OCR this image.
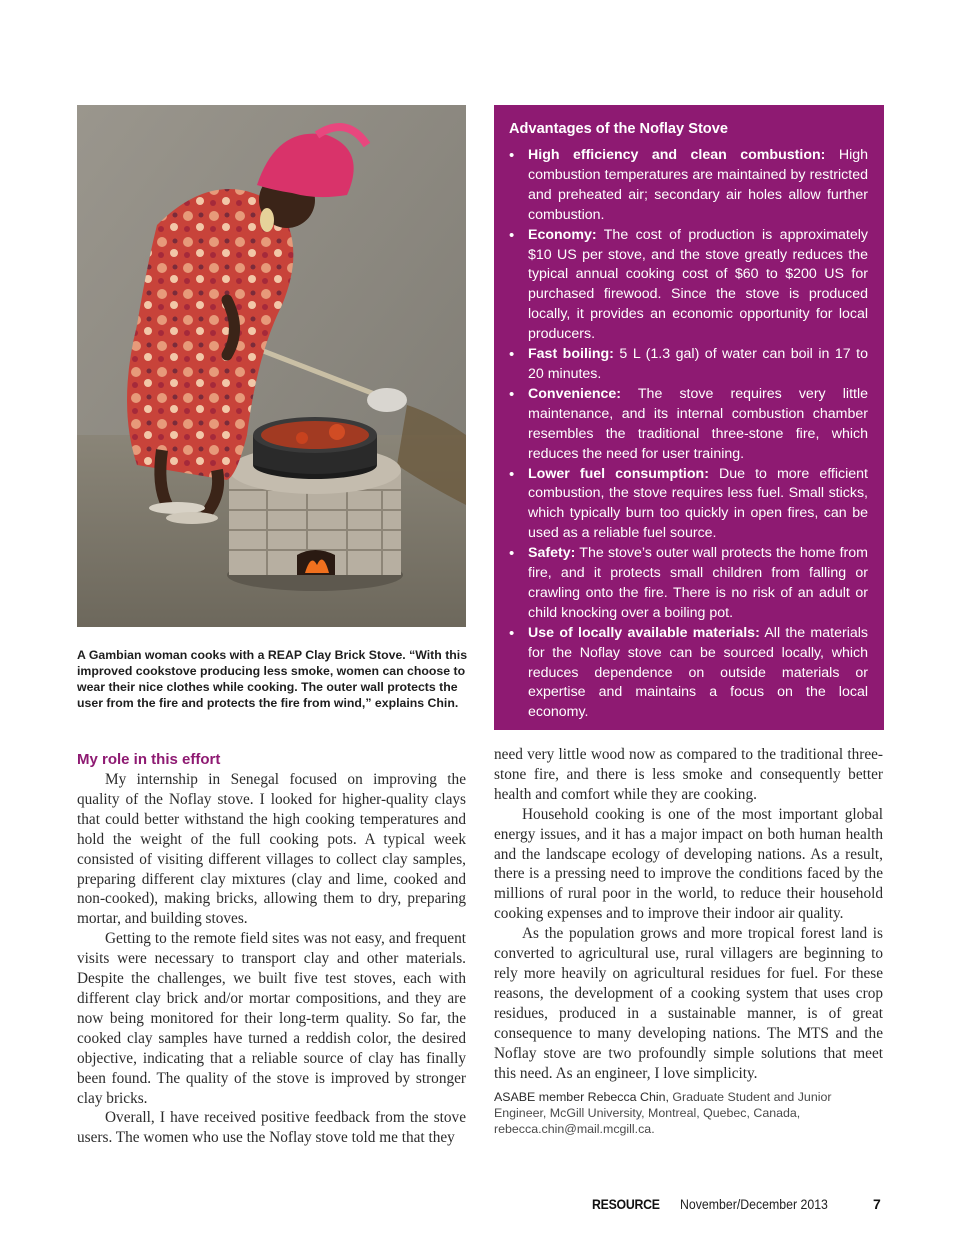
A Gambian woman cooks with a REAP Clay Brick Stove. “With this improved cookstove producing less smoke, women can choose to wear their nice clothes while cooking. The outer wall protects the user from the fire and protects the fire from wind,” explains Chin.
Advantages of the Noflay Stove
• High efficiency and clean combustion: High combustion temperatures are maintained by restricted and preheated air; secondary air holes allow further combustion.
• Economy: The cost of production is approximately $10 US per stove, and the stove greatly reduces the typical annual cooking cost of $60 to $200 US for purchased firewood. Since the stove is produced locally, it provides an economic opportunity for local producers.
• Fast boiling: 5 L (1.3 gal) of water can boil in 17 to 20 minutes.
• Convenience: The stove requires very little maintenance, and its internal combustion chamber resembles the traditional three-stone fire, which reduces the need for user training.
• Lower fuel consumption: Due to more efficient combustion, the stove requires less fuel. Small sticks, which typically burn too quickly in open fires, can be used as a reliable fuel source.
• Safety: The stove’s outer wall protects the home from fire, and it protects small children from falling or crawling onto the fire. There is no risk of an adult or child knocking over a boiling pot.
• Use of locally available materials: All the materials for the Noflay stove can be sourced locally, which reduces dependence on outside materials or expertise and maintains a focus on the local economy.
My role in this effort

My internship in Senegal focused on improving the quality of the Noflay stove. I looked for higher-quality clays that could better withstand the high cooking temperatures and hold the weight of the full cooking pots. A typical week consisted of visiting different villages to collect clay samples, preparing different clay mixtures (clay and lime, cooked and non-cooked), making bricks, allowing them to dry, preparing mortar, and building stoves.

Getting to the remote field sites was not easy, and frequent visits were necessary to transport clay and other materials. Despite the challenges, we built five test stoves, each with different clay brick and/or mortar compositions, and they are now being monitored for their long-term quality. So far, the cooked clay samples have turned a reddish color, the desired objective, indicating that a reliable source of clay has finally been found. The quality of the stove is improved by stronger clay bricks.

Overall, I have received positive feedback from the stove users. The women who use the Noflay stove told me that they

need very little wood now as compared to the traditional three-stone fire, and there is less smoke and consequently better health and comfort while they are cooking.

Household cooking is one of the most important global energy issues, and it has a major impact on both human health and the landscape ecology of developing nations. As a result, there is a pressing need to improve the conditions faced by the millions of rural poor in the world, to reduce their household cooking expenses and to improve their indoor air quality.

As the population grows and more tropical forest land is converted to agricultural use, rural villagers are beginning to rely more heavily on agricultural residues for fuel. For these reasons, the development of a cooking system that uses crop residues, produced in a sustainable manner, is of great consequence to many developing nations. The MTS and the Noflay stove are two profoundly simple solutions that meet this need. As an engineer, I love simplicity.

ASABE member Rebecca Chin, Graduate Student and Junior Engineer, McGill University, Montreal, Quebec, Canada, rebecca.chin@mail.mcgill.ca.
RESOURCE November/December 2013	7
